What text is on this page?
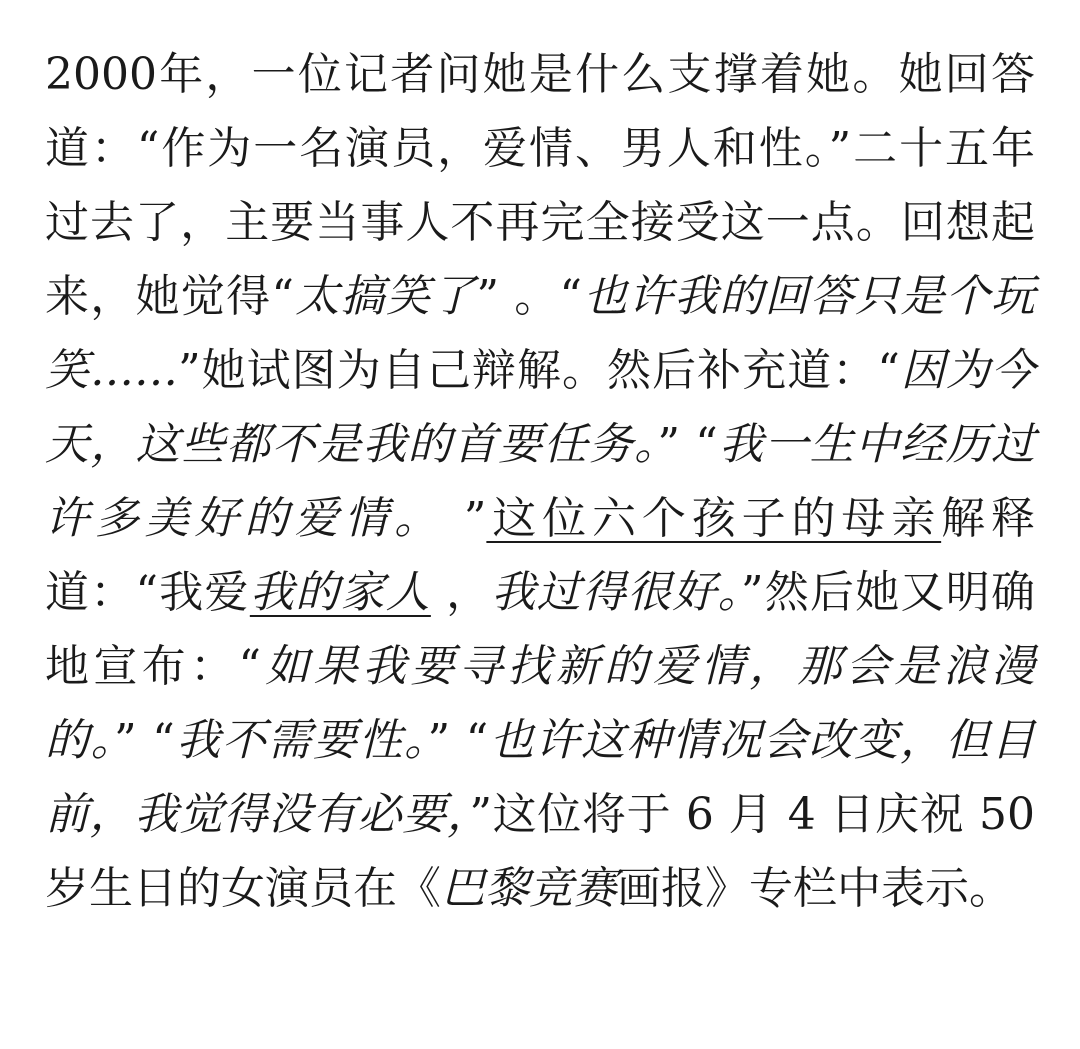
2000年，一位记者问她是什么支撑着她。她回答道：“作为一名演员，爱情、男人和性。”二十五年过去了，主要当事人不再完全接受这一点。回想起来，她觉得“太搞笑了” 。“也许我的回答只是个玩笑……”她试图为自己辩解。然后补充道：“因为今天，这些都不是我的首要任务。” “我一生中经历过许多美好的爱情。 ”这位六个孩子的母亲解释道：“我爱我的家人 ，我过得很好。”然后她又明确地宣布：“如果我要寻找新的爱情，那会是浪漫的。” “我不需要性。” “也许这种情况会改变，但目前，我觉得没有必要，”这位将于 6 月 4 日庆祝 50 岁生日的女演员在《巴黎竞赛画报》专栏中表示。
